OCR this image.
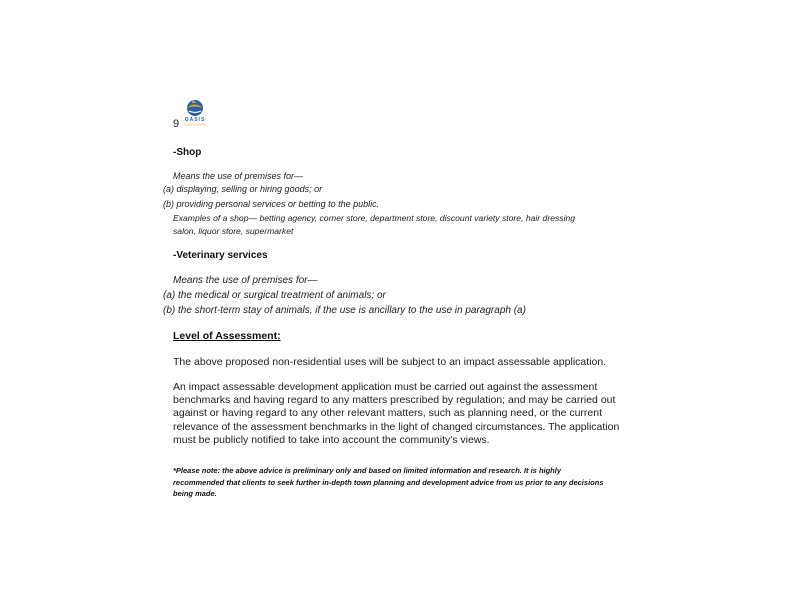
OASIS
TOWN PLANNING
9
-Shop
Means the use of premises for—
(a) displaying, selling or hiring goods; or
(b) providing personal services or betting to the public.
Examples of a shop— betting agency, corner store, department store, discount variety store, hair dressing
salon, liquor store, supermarket
-Veterinary services
Means the use of premises for—
(a) the medical or surgical treatment of animals; or
(b) the short-term stay of animals, if the use is ancillary to the use in paragraph (a)
Level of Assessment:
The above proposed non-residential uses will be subject to an impact assessable application.
An impact assessable development application must be carried out against the assessment
benchmarks and having regard to any matters prescribed by regulation; and may be carried out
against or having regard to any other relevant matters, such as planning need, or the current
relevance of the assessment benchmarks in the light of changed circumstances. The application
must be publicly notified to take into account the community's views.
*Please note: the above advice is preliminary only and based on limited information and research. It is highly
recommended that clients to seek further in-depth town planning and development advice from us prior to any decisions
being made.
